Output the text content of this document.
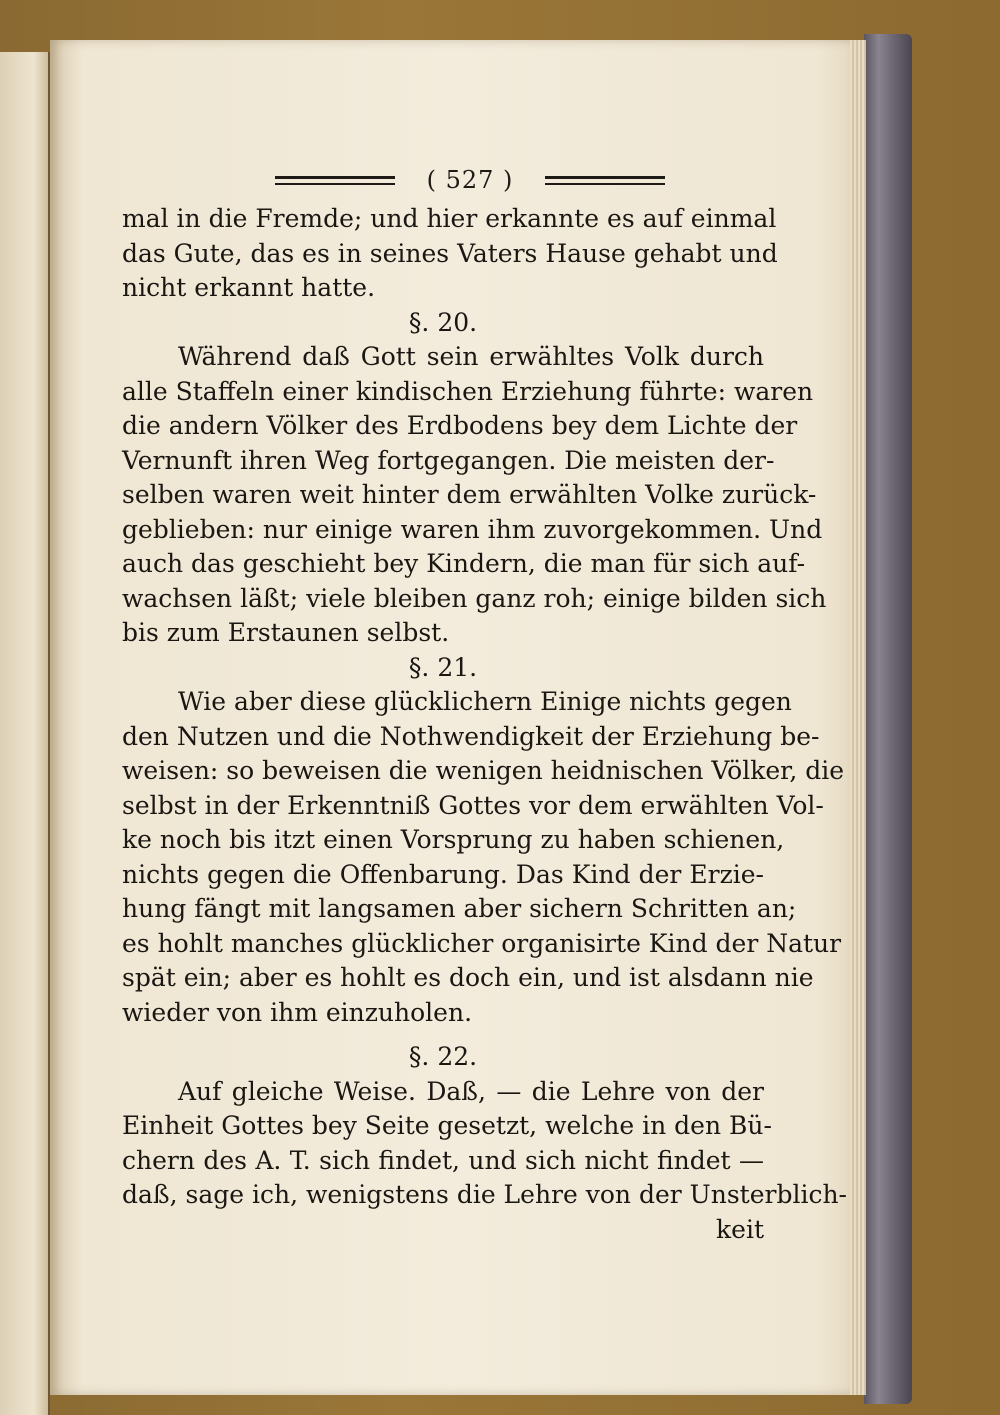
( 527 )
mal in die Fremde; und hier erkannte es auf einmal
das Gute, das es in seines Vaters Hause gehabt und
nicht erkannt hatte.
§. 20.
Während daß Gott sein erwähltes Volk durch
alle Staffeln einer kindischen Erziehung führte: waren
die andern Völker des Erdbodens bey dem Lichte der
Vernunft ihren Weg fortgegangen. Die meisten der-
selben waren weit hinter dem erwählten Volke zurück-
geblieben: nur einige waren ihm zuvorgekommen. Und
auch das geschieht bey Kindern, die man für sich auf-
wachsen läßt; viele bleiben ganz roh; einige bilden sich
bis zum Erstaunen selbst.
§. 21.
Wie aber diese glücklichern Einige nichts gegen
den Nutzen und die Nothwendigkeit der Erziehung be-
weisen: so beweisen die wenigen heidnischen Völker, die
selbst in der Erkenntniß Gottes vor dem erwählten Vol-
ke noch bis itzt einen Vorsprung zu haben schienen,
nichts gegen die Offenbarung. Das Kind der Erzie-
hung fängt mit langsamen aber sichern Schritten an;
es hohlt manches glücklicher organisirte Kind der Natur
spät ein; aber es hohlt es doch ein, und ist alsdann nie
wieder von ihm einzuholen.
§. 22.
Auf gleiche Weise. Daß, — die Lehre von der
Einheit Gottes bey Seite gesetzt, welche in den Bü-
chern des A. T. sich findet, und sich nicht findet —
daß, sage ich, wenigstens die Lehre von der Unsterblich-
keit
